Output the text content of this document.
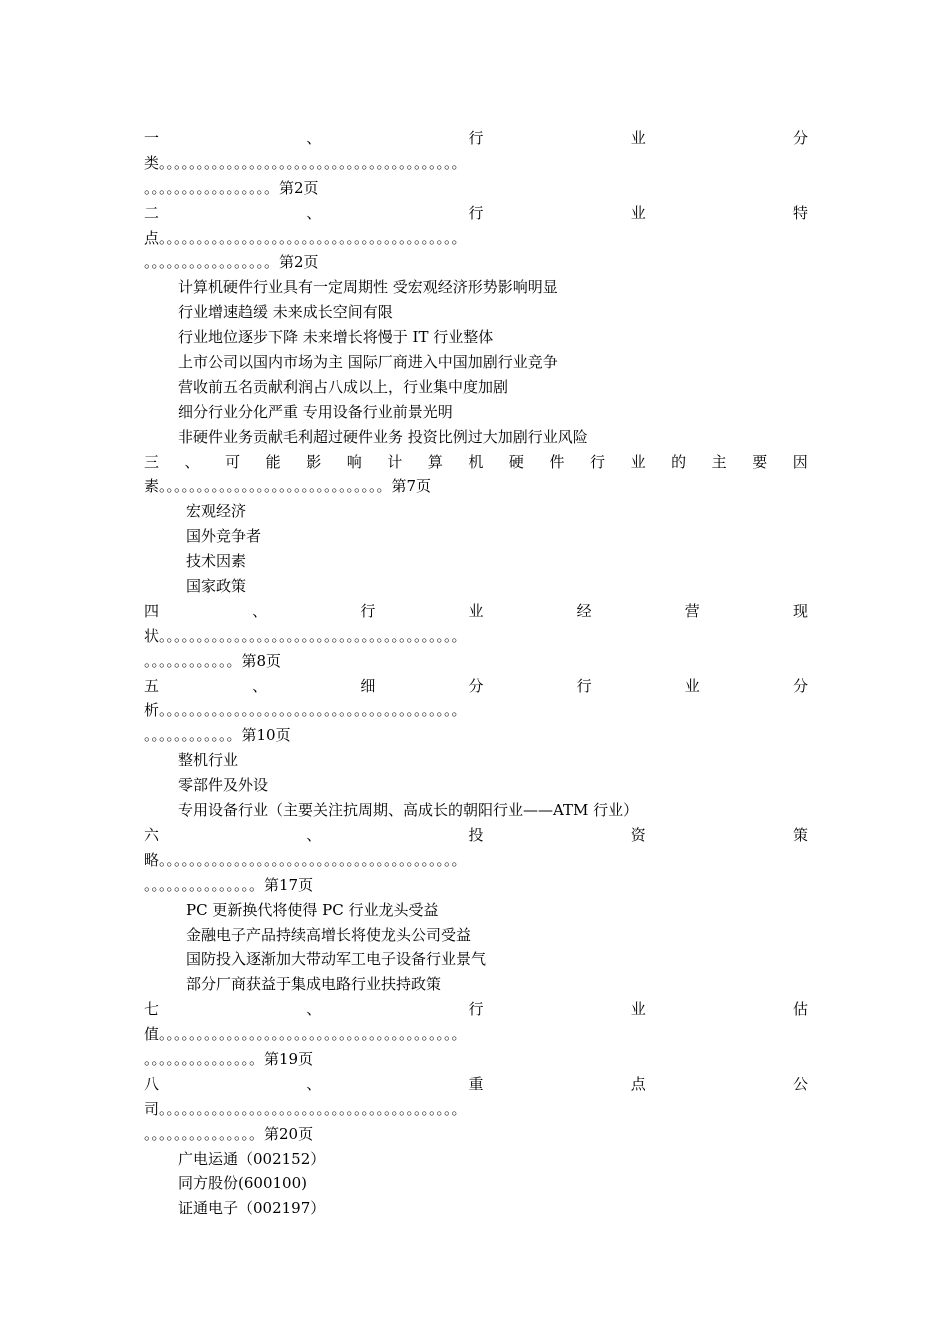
一	、	行	业	分
类。。。。。。。。。。。。。。。。。。。。。。。。。。。。。。。。。。。。。。。。
。。。。。。。。。。。。。。。。。第2页
二	、	行	业	特
点。。。。。。。。。。。。。。。。。。。。。。。。。。。。。。。。。。。。。。。。
。。。。。。。。。。。。。。。。。第2页
计算机硬件行业具有一定周期性 受宏观经济形势影响明显
行业增速趋缓 未来成长空间有限
行业地位逐步下降 未来增长将慢于 IT 行业整体
上市公司以国内市场为主 国际厂商进入中国加剧行业竞争
营收前五名贡献利润占八成以上，行业集中度加剧
细分行业分化严重 专用设备行业前景光明
非硬件业务贡献毛利超过硬件业务 投资比例过大加剧行业风险
三 、 可 能 影 响 计 算 机 硬 件 行 业 的 主 要 因
素。。。。。。。。。。。。。。。。。。。。。。。。。。。。。。第7页
宏观经济
国外竞争者
技术因素
国家政策
四	、	行	业	经	营	现
状。。。。。。。。。。。。。。。。。。。。。。。。。。。。。。。。。。。。。。。。
。。。。。。。。。。。。第8页
五	、	细	分	行	业	分
析。。。。。。。。。。。。。。。。。。。。。。。。。。。。。。。。。。。。。。。。
。。。。。。。。。。。。第10页
整机行业
零部件及外设
专用设备行业（主要关注抗周期、高成长的朝阳行业——ATM 行业）
六	、	投	资	策
略。。。。。。。。。。。。。。。。。。。。。。。。。。。。。。。。。。。。。。。。
。。。。。。。。。。。。。。。第17页
PC 更新换代将使得 PC 行业龙头受益
金融电子产品持续高增长将使龙头公司受益
国防投入逐渐加大带动军工电子设备行业景气
部分厂商获益于集成电路行业扶持政策
七	、	行	业	估
值。。。。。。。。。。。。。。。。。。。。。。。。。。。。。。。。。。。。。。。。
。。。。。。。。。。。。。。。第19页
八	、	重	点	公
司。。。。。。。。。。。。。。。。。。。。。。。。。。。。。。。。。。。。。。。。
。。。。。。。。。。。。。。。第20页
广电运通（002152）
同方股份(600100)
证通电子（002197）
